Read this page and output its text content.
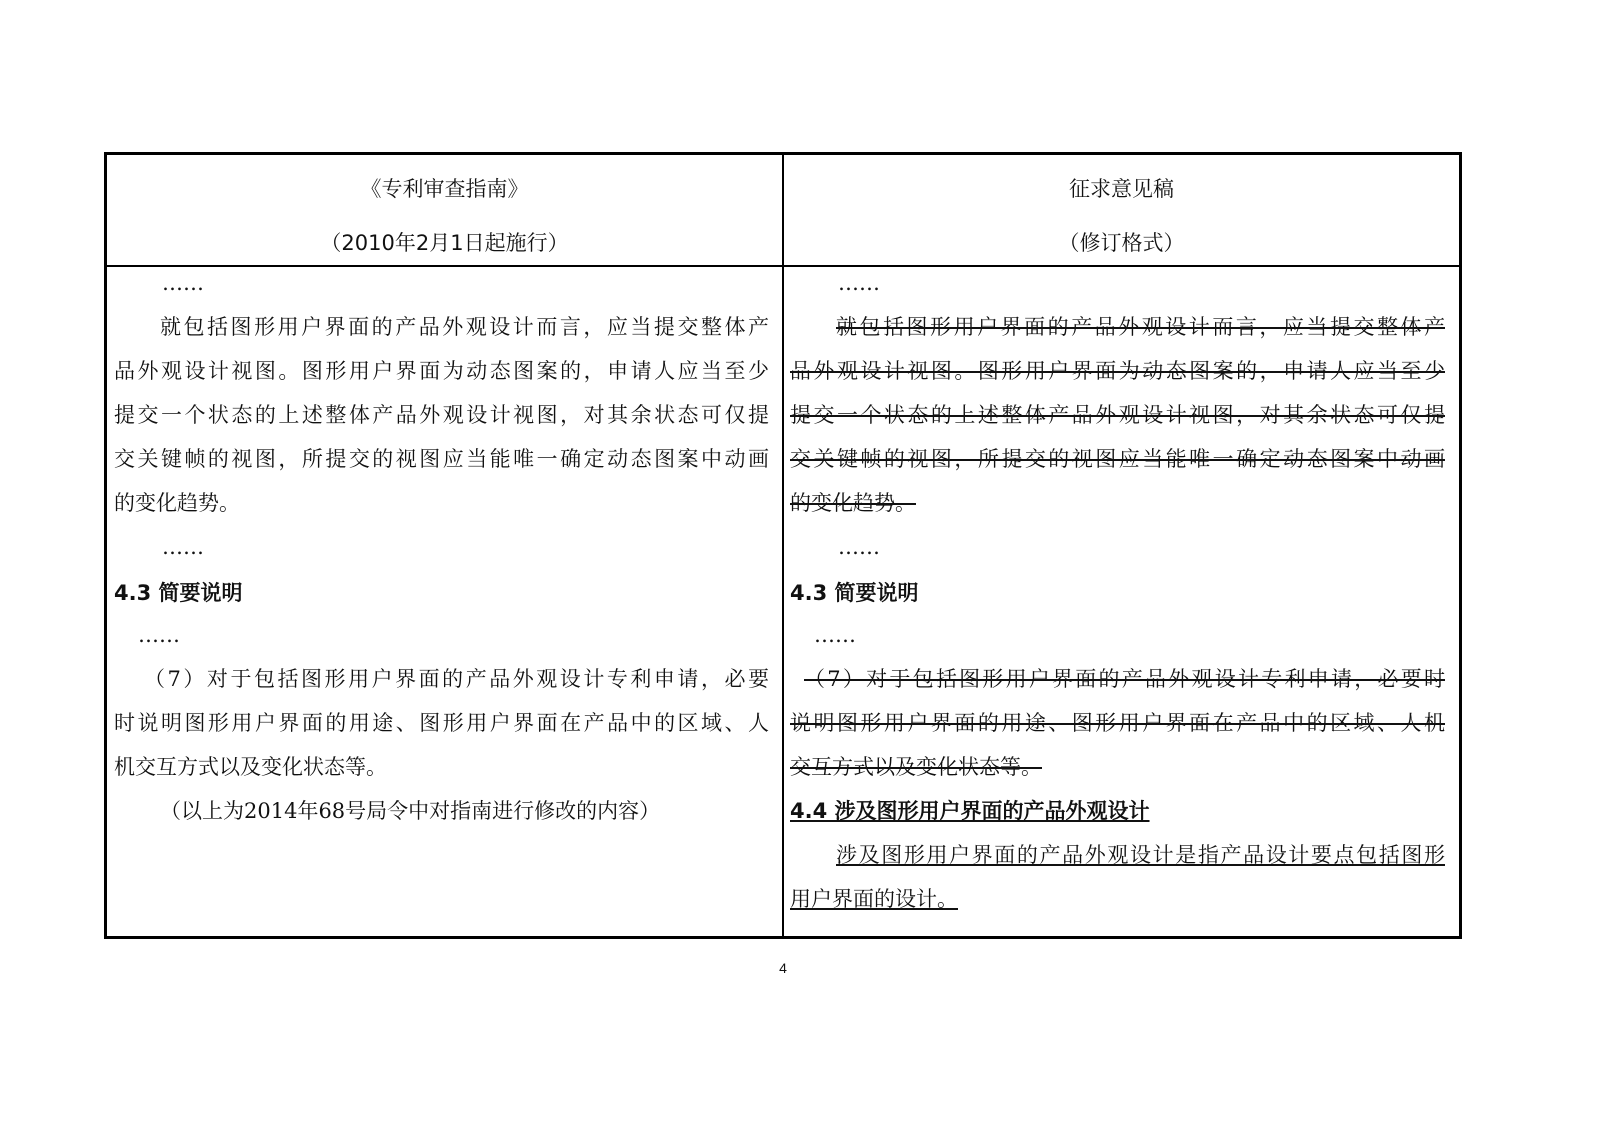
《专利审查指南》
（2010年2月1日起施行）
征求意见稿
（修订格式）
……
就包括图形用户界面的产品外观设计而言，应当提交整体产
品外观设计视图。图形用户界面为动态图案的，申请人应当至少
提交一个状态的上述整体产品外观设计视图，对其余状态可仅提
交关键帧的视图，所提交的视图应当能唯一确定动态图案中动画
的变化趋势。
……
4.3 简要说明
……
（7）对于包括图形用户界面的产品外观设计专利申请，必要
时说明图形用户界面的用途、图形用户界面在产品中的区域、人
机交互方式以及变化状态等。
（以上为2014年68号局令中对指南进行修改的内容）
……
就包括图形用户界面的产品外观设计而言，应当提交整体产
品外观设计视图。图形用户界面为动态图案的，申请人应当至少
提交一个状态的上述整体产品外观设计视图，对其余状态可仅提
交关键帧的视图，所提交的视图应当能唯一确定动态图案中动画
的变化趋势。
……
4.3 简要说明
……
（7）对于包括图形用户界面的产品外观设计专利申请，必要时
说明图形用户界面的用途、图形用户界面在产品中的区域、人机
交互方式以及变化状态等。
4.4 涉及图形用户界面的产品外观设计
涉及图形用户界面的产品外观设计是指产品设计要点包括图形
用户界面的设计。
4
